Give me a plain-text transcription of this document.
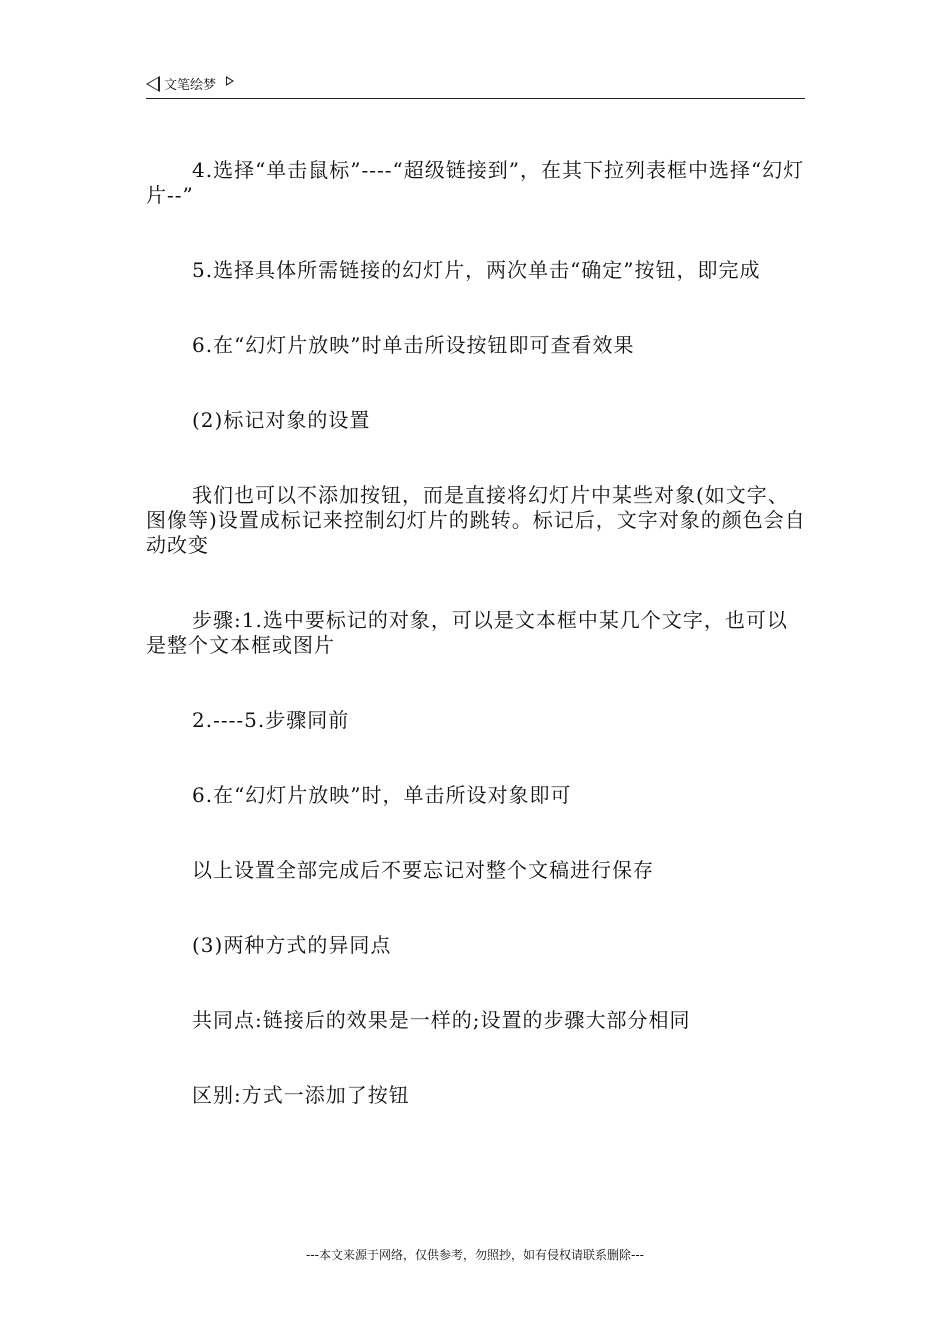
文笔绘梦

4.选择“单击鼠标”----“超级链接到”，在其下拉列表框中选择“幻灯片--”

5.选择具体所需链接的幻灯片，两次单击“确定”按钮，即完成

6.在“幻灯片放映”时单击所设按钮即可查看效果

(2)标记对象的设置

我们也可以不添加按钮，而是直接将幻灯片中某些对象(如文字、图像等)设置成标记来控制幻灯片的跳转。标记后，文字对象的颜色会自动改变

步骤:1.选中要标记的对象，可以是文本框中某几个文字，也可以是整个文本框或图片

2.----5.步骤同前

6.在“幻灯片放映”时，单击所设对象即可

以上设置全部完成后不要忘记对整个文稿进行保存

(3)两种方式的异同点

共同点:链接后的效果是一样的;设置的步骤大部分相同

区别:方式一添加了按钮

---本文来源于网络，仅供参考，勿照抄，如有侵权请联系删除---
